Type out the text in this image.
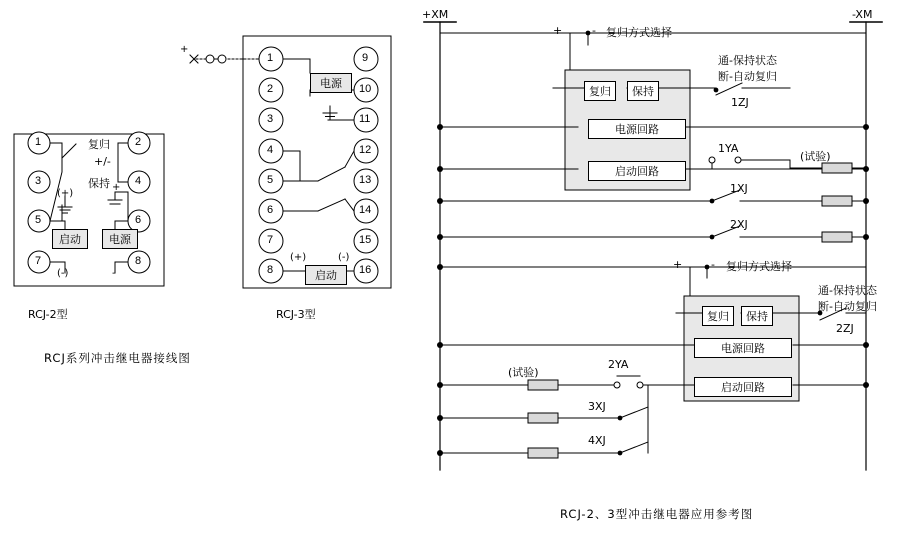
1
3
5
7
2
4
6
8
复归
+/-
保持
(+)
(-)
+
-
启动	电源
RCJ-2型
1
2
3
4
5
6
7
8
9
10
11
12
13
14
15
16
+
电源
启动
(+)	(-)
RCJ-3型
RCJ系列冲击继电器接线图
+XM	-XM
+	- 复归方式选择
复归	保持
通-保持状态
断-自动复归
1ZJ
电源回路
启动回路
1YA
(试验)
1XJ
2XJ
+	- 复归方式选择
复归	保持
通-保持状态
断-自动复归
2ZJ
电源回路
启动回路
2YA
(试验)
3XJ
4XJ
RCJ-2、3型冲击继电器应用参考图
